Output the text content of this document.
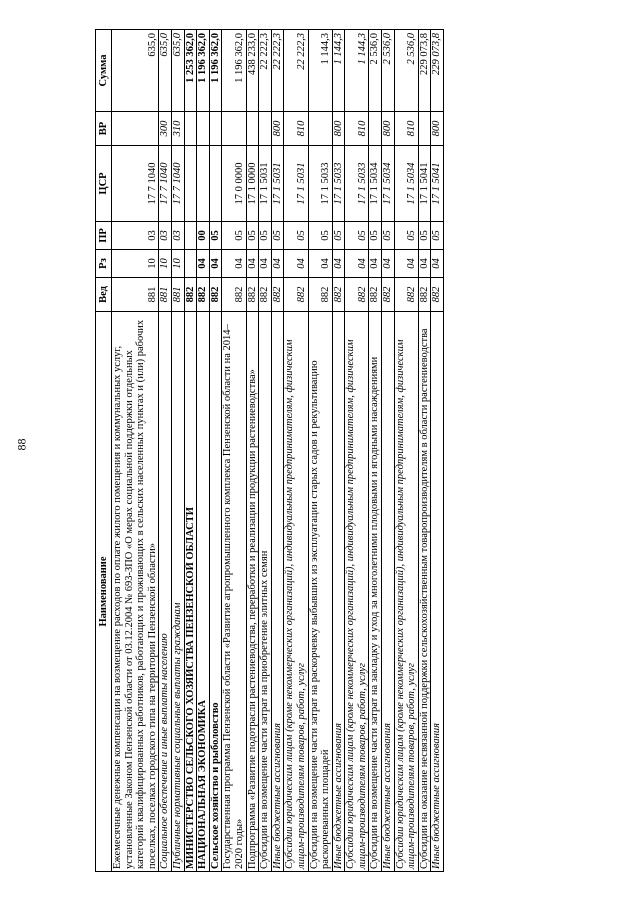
88
Наименование	Вед	Рз	ПР	ЦСР	ВР	Сумма
Ежемесячные денежные компенсации на возмещение расходов по оплате жилого помещения и коммунальных услуг, установленные Законом Пензенской области от 03.12.2004 № 693-ЗПО «О мерах социальной поддержки отдельных категорий квалифицированных работников, работающих и проживающих в сельских населенных пунктах и (или) рабочих поселках, поселках городского типа на территории Пензенской области»	881	10	03	17 7 1040		635,0
Социальное обеспечение и иные выплаты населению	881	10	03	17 7 1040	300	635,0
Публичные нормативные социальные выплаты гражданам	881	10	03	17 7 1040	310	635,0
МИНИСТЕРСТВО СЕЛЬСКОГО ХОЗЯЙСТВА ПЕНЗЕНСКОЙ ОБЛАСТИ	882					1 253 362,0
НАЦИОНАЛЬНАЯ ЭКОНОМИКА	882	04	00			1 196 362,0
Сельское хозяйство и рыболовство	882	04	05			1 196 362,0
Государственная программа Пензенской области «Развитие агропромышленного комплекса Пензенской области на 2014–2020 годы»	882	04	05	17 0 0000		1 196 362,0
Подпрограмма «Развитие подотрасли растениеводства, переработки и реализации продукции растениеводства»	882	04	05	17 1 0000		438 233,0
Субсидии на возмещение части затрат на приобретение элитных семян	882	04	05	17 1 5031		22 222,3
Иные бюджетные ассигнования	882	04	05	17 1 5031	800	22 222,3
Субсидии юридическим лицам (кроме некоммерческих организаций), индивидуальным предпринимателям, физическим лицам-производителям товаров, работ, услуг	882	04	05	17 1 5031	810	22 222,3
Субсидии на возмещение части затрат на раскорчевку выбывших из эксплуатации старых садов и рекультивацию раскорчеванных площадей	882	04	05	17 1 5033		1 144,3
Иные бюджетные ассигнования	882	04	05	17 1 5033	800	1 144,3
Субсидии юридическим лицам (кроме некоммерческих организаций), индивидуальным предпринимателям, физическим лицам-производителям товаров, работ, услуг	882	04	05	17 1 5033	810	1 144,3
Субсидии на возмещение части затрат на закладку и уход за многолетними плодовыми и ягодными насаждениями	882	04	05	17 1 5034		2 536,0
Иные бюджетные ассигнования	882	04	05	17 1 5034	800	2 536,0
Субсидии юридическим лицам (кроме некоммерческих организаций), индивидуальным предпринимателям, физическим лицам-производителям товаров, работ, услуг	882	04	05	17 1 5034	810	2 536,0
Субсидии на оказание несвязанной поддержки сельскохозяйственным товаропроизводителям в области растениеводства	882	04	05	17 1 5041		229 073,8
Иные бюджетные ассигнования	882	04	05	17 1 5041	800	229 073,8
